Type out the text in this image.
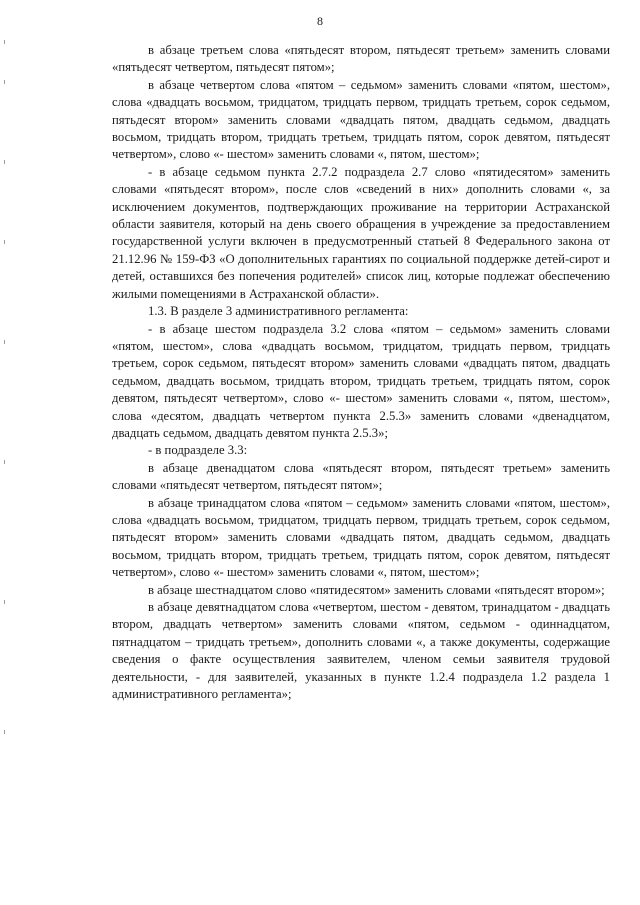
8

в абзаце третьем слова «пятьдесят втором, пятьдесят третьем» заменить словами «пятьдесят четвертом, пятьдесят пятом»;

в абзаце четвертом слова «пятом – седьмом» заменить словами «пятом, шестом», слова «двадцать восьмом, тридцатом, тридцать первом, тридцать третьем, сорок седьмом, пятьдесят втором» заменить словами «двадцать пятом, двадцать седьмом, двадцать восьмом, тридцать втором, тридцать третьем, тридцать пятом, сорок девятом, пятьдесят четвертом», слово «- шестом» заменить словами «, пятом, шестом»;

- в абзаце седьмом пункта 2.7.2 подраздела 2.7 слово «пятидесятом» заменить словами «пятьдесят втором», после слов «сведений в них» дополнить словами «, за исключением документов, подтверждающих проживание на территории Астраханской области заявителя, который на день своего обращения в учреждение за предоставлением государственной услуги включен в предусмотренный статьей 8 Федерального закона от 21.12.96 № 159-ФЗ «О дополнительных гарантиях по социальной поддержке детей-сирот и детей, оставшихся без попечения родителей» список лиц, которые подлежат обеспечению жилыми помещениями в Астраханской области».

1.3. В разделе 3 административного регламента:

- в абзаце шестом подраздела 3.2 слова «пятом – седьмом» заменить словами «пятом, шестом», слова «двадцать восьмом, тридцатом, тридцать первом, тридцать третьем, сорок седьмом, пятьдесят втором» заменить словами «двадцать пятом, двадцать седьмом, двадцать восьмом, тридцать втором, тридцать третьем, тридцать пятом, сорок девятом, пятьдесят четвертом», слово «- шестом» заменить словами «, пятом, шестом», слова «десятом, двадцать четвертом пункта 2.5.3» заменить словами «двенадцатом, двадцать седьмом, двадцать девятом пункта 2.5.3»;

- в подразделе 3.3:

в абзаце двенадцатом слова «пятьдесят втором, пятьдесят третьем» заменить словами «пятьдесят четвертом, пятьдесят пятом»;

в абзаце тринадцатом слова «пятом – седьмом» заменить словами «пятом, шестом», слова «двадцать восьмом, тридцатом, тридцать первом, тридцать третьем, сорок седьмом, пятьдесят втором» заменить словами «двадцать пятом, двадцать седьмом, двадцать восьмом, тридцать втором, тридцать третьем, тридцать пятом, сорок девятом, пятьдесят четвертом», слово «- шестом» заменить словами «, пятом, шестом»;

в абзаце шестнадцатом слово «пятидесятом» заменить словами «пятьдесят втором»;

в абзаце девятнадцатом слова «четвертом, шестом - девятом, тринадцатом - двадцать втором, двадцать четвертом» заменить словами «пятом, седьмом - одиннадцатом, пятнадцатом – тридцать третьем», дополнить словами «, а также документы, содержащие сведения о факте осуществления заявителем, членом семьи заявителя трудовой деятельности, - для заявителей, указанных в пункте 1.2.4 подраздела 1.2 раздела 1 административного регламента»;
